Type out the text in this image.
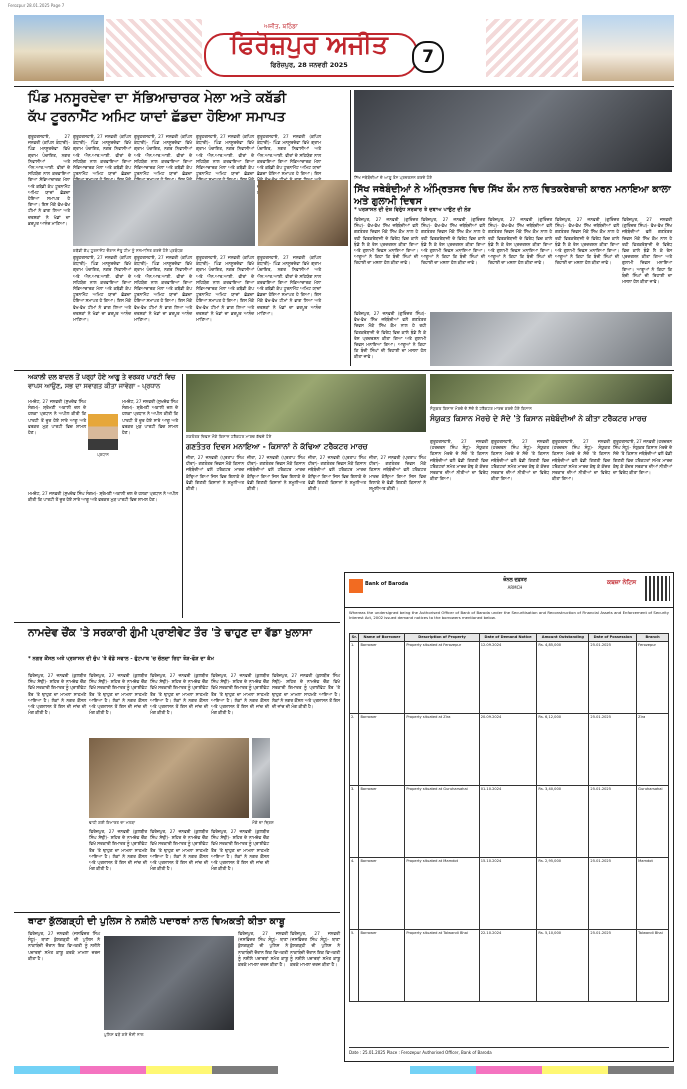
Ferozpur 28.01.2025 Page 7
ਅਜੀਤ, ਬਠਿੰਡਾ
ਫਿਰੋਜ਼ਪੁਰ ਅਜੀਤ
ਫਿਰੋਜ਼ਪੁਰ, 28 ਜਨਵਰੀ 2025	7
ਪਿੰਡ ਮਨਸੂਰਦੇਵਾ ਦਾ ਸੱਭਿਆਚਾਰਕ ਮੇਲਾ ਅਤੇ ਕਬੱਡੀ
ਕੱਪ ਟੂਰਨਾਮੈਂਟ ਅਮਿਟ ਯਾਦਾਂ ਛੱਡਦਾ ਹੋਇਆ ਸਮਾਪਤ

ਗੁਰੂਹਰਸਹਾਏ, 27 ਜਨਵਰੀ (ਕਪਿਲ ਕੰਧਾਰੀ)- ਪਿੰਡ ਮਨਸੂਰਦੇਵਾ ਵਿਖੇ ਗ੍ਰਾਮ ਪੰਚਾਇਤ, ਨਗਰ ਨਿਵਾਸੀਆਂ ਅਤੇ ਐਨ.ਆਰ.ਆਈ. ਵੀਰਾਂ ਦੇ ਸਹਿਯੋਗ ਨਾਲ ਕਰਵਾਇਆ ਗਿਆ ਸੱਭਿਆਚਾਰਕ ਮੇਲਾ ਅਤੇ ਕਬੱਡੀ ਕੱਪ ਟੂਰਨਾਮੈਂਟ ਅਮਿਟ ਯਾਦਾਂ ਛੱਡਦਾ ਹੋਇਆ ਸਮਾਪਤ ਹੋ ਗਿਆ। ਇਸ ਮੌਕੇ ਵੱਖ-ਵੱਖ ਟੀਮਾਂ ਨੇ ਭਾਗ ਲਿਆ ਅਤੇ ਦਰਸ਼ਕਾਂ ਨੇ ਖੇਡਾਂ ਦਾ ਭਰਪੂਰ ਆਨੰਦ ਮਾਣਿਆ।

ਗੁਰੂਹਰਸਹਾਏ, 27 ਜਨਵਰੀ (ਕਪਿਲ ਕੰਧਾਰੀ)- ਪਿੰਡ ਮਨਸੂਰਦੇਵਾ ਵਿਖੇ ਗ੍ਰਾਮ ਪੰਚਾਇਤ, ਨਗਰ ਨਿਵਾਸੀਆਂ ਅਤੇ ਐਨ.ਆਰ.ਆਈ. ਵੀਰਾਂ ਦੇ ਸਹਿਯੋਗ ਨਾਲ ਕਰਵਾਇਆ ਗਿਆ ਸੱਭਿਆਚਾਰਕ ਮੇਲਾ ਅਤੇ ਕਬੱਡੀ ਕੱਪ ਟੂਰਨਾਮੈਂਟ ਅਮਿਟ ਯਾਦਾਂ ਛੱਡਦਾ

ਗੁਰੂਹਰਸਹਾਏ, 27 ਜਨਵਰੀ (ਕਪਿਲ ਕੰਧਾਰੀ)- ਪਿੰਡ ਮਨਸੂਰਦੇਵਾ ਵਿਖੇ ਗ੍ਰਾਮ ਪੰਚਾਇਤ, ਨਗਰ ਨਿਵਾਸੀਆਂ ਅਤੇ ਐਨ.ਆਰ.ਆਈ. ਵੀਰਾਂ ਦੇ ਸਹਿਯੋਗ ਨਾਲ ਕਰਵਾਇਆ ਗਿਆ ਸੱਭਿਆਚਾਰਕ ਮੇਲਾ ਅਤੇ ਕਬੱਡੀ ਕੱਪ ਟੂਰਨਾਮੈਂਟ ਅਮਿਟ ਯਾਦਾਂ ਛੱਡਦਾ

ਗੁਰੂਹਰਸਹਾਏ, 27 ਜਨਵਰੀ (ਕਪਿਲ ਕੰਧਾਰੀ)- ਪਿੰਡ ਮਨਸੂਰਦੇਵਾ ਵਿਖੇ ਗ੍ਰਾਮ ਪੰਚਾਇਤ, ਨਗਰ ਨਿਵਾਸੀਆਂ ਅਤੇ ਐਨ.ਆਰ.ਆਈ. ਵੀਰਾਂ ਦੇ ਸਹਿਯੋਗ ਨਾਲ ਕਰਵਾਇਆ ਗਿਆ ਸੱਭਿਆਚਾਰਕ ਮੇਲਾ ਅਤੇ ਕਬੱਡੀ ਕੱਪ ਟੂਰਨਾਮੈਂਟ ਅਮਿਟ ਯਾਦਾਂ ਛੱਡਦਾ

ਗੁਰੂਹਰਸਹਾਏ, 27 ਜਨਵਰੀ (ਕਪਿਲ ਕੰਧਾਰੀ)- ਪਿੰਡ ਮਨਸੂਰਦੇਵਾ ਵਿਖੇ ਗ੍ਰਾਮ ਪੰਚਾਇਤ, ਨਗਰ ਨਿਵਾਸੀਆਂ ਅਤੇ ਐਨ.ਆਰ.ਆਈ. ਵੀਰਾਂ ਦੇ ਸਹਿਯੋਗ ਨਾਲ ਕਰਵਾਇਆ ਗਿਆ ਸੱਭਿਆਚਾਰਕ ਮੇਲਾ ਅਤੇ ਕਬੱਡੀ ਕੱਪ ਟੂਰਨਾਮੈਂਟ ਅਮਿਟ ਯਾਦਾਂ ਛੱਡਦਾ ਹੋਇਆ ਸਮਾਪਤ ਹੋ ਗਿਆ। ਇਸ

ਕਬੱਡੀ ਕੱਪ ਟੂਰਨਾਮੈਂਟ ਦੌਰਾਨ ਜੇਤੂ ਟੀਮ ਨੂੰ ਸਨਮਾਨਿਤ ਕਰਦੇ ਹੋਏ ਪ੍ਰਬੰਧਕ

ਗੁਰੂਹਰਸਹਾਏ, 27 ਜਨਵਰੀ (ਕਪਿਲ ਕੰਧਾਰੀ)- ਪਿੰਡ ਮਨਸੂਰਦੇਵਾ ਵਿਖੇ ਗ੍ਰਾਮ ਪੰਚਾਇਤ, ਨਗਰ ਨਿਵਾਸੀਆਂ ਅਤੇ ਐਨ.ਆਰ.ਆਈ. ਵੀਰਾਂ ਦੇ ਸਹਿਯੋਗ ਨਾਲ ਕਰਵਾਇਆ ਗਿਆ ਸੱਭਿਆਚਾਰਕ ਮੇਲਾ ਅਤੇ ਕਬੱਡੀ ਕੱਪ ਟੂਰਨਾਮੈਂਟ ਅਮਿਟ ਯਾਦਾਂ ਛੱਡਦਾ ਹੋਇਆ ਸਮਾਪਤ ਹੋ ਗਿਆ। ਇਸ ਮੌਕੇ ਵੱਖ-ਵੱਖ ਟੀਮਾਂ ਨੇ ਭਾਗ ਲਿਆ ਅਤੇ ਦਰਸ਼ਕਾਂ ਨੇ ਖੇਡਾਂ ਦਾ ਭਰਪੂਰ ਆਨੰਦ ਮਾਣਿਆ।

ਗੁਰੂਹਰਸਹਾਏ, 27 ਜਨਵਰੀ (ਕਪਿਲ ਕੰਧਾਰੀ)- ਪਿੰਡ ਮਨਸੂਰਦੇਵਾ ਵਿਖੇ ਗ੍ਰਾਮ ਪੰਚਾਇਤ, ਨਗਰ ਨਿਵਾਸੀਆਂ ਅਤੇ ਐਨ.ਆਰ.ਆਈ. ਵੀਰਾਂ ਦੇ ਸਹਿਯੋਗ ਨਾਲ ਕਰਵਾਇਆ ਗਿਆ ਸੱਭਿਆਚਾਰਕ ਮੇਲਾ ਅਤੇ ਕਬੱਡੀ ਕੱਪ ਟੂਰਨਾਮੈਂਟ ਅਮਿਟ ਯਾਦਾਂ ਛੱਡਦਾ ਹੋਇਆ ਸਮਾਪਤ ਹੋ ਗਿਆ। ਇਸ ਮੌਕੇ ਵੱਖ-ਵੱਖ ਟੀਮਾਂ ਨੇ ਭਾਗ ਲਿਆ ਅਤੇ ਦਰਸ਼ਕਾਂ ਨੇ ਖੇਡਾਂ ਦਾ ਭਰਪੂਰ ਆਨੰਦ ਮਾਣਿਆ।

ਗੁਰੂਹਰਸਹਾਏ, 27 ਜਨਵਰੀ (ਕਪਿਲ ਕੰਧਾਰੀ)- ਪਿੰਡ ਮਨਸੂਰਦੇਵਾ ਵਿਖੇ ਗ੍ਰਾਮ ਪੰਚਾਇਤ, ਨਗਰ ਨਿਵਾਸੀਆਂ ਅਤੇ ਐਨ.ਆਰ.ਆਈ. ਵੀਰਾਂ ਦੇ ਸਹਿਯੋਗ ਨਾਲ ਕਰਵਾਇਆ ਗਿਆ ਸੱਭਿਆਚਾਰਕ ਮੇਲਾ ਅਤੇ ਕਬੱਡੀ ਕੱਪ ਟੂਰਨਾਮੈਂਟ ਅਮਿਟ ਯਾਦਾਂ ਛੱਡਦਾ ਹੋਇਆ ਸਮਾਪਤ ਹੋ ਗਿਆ। ਇਸ ਮੌਕੇ ਵੱਖ-ਵੱਖ ਟੀਮਾਂ ਨੇ ਭਾਗ ਲਿਆ ਅਤੇ ਦਰਸ਼ਕਾਂ ਨੇ ਖੇਡਾਂ ਦਾ ਭਰਪੂਰ ਆਨੰਦ ਮਾਣਿਆ।

ਗੁਰੂਹਰਸਹਾਏ, 27 ਜਨਵਰੀ (ਕਪਿਲ ਕੰਧਾਰੀ)- ਪਿੰਡ ਮਨਸੂਰਦੇਵਾ ਵਿਖੇ ਗ੍ਰਾਮ ਪੰਚਾਇਤ, ਨਗਰ ਨਿਵਾਸੀਆਂ ਅਤੇ ਐਨ.ਆਰ.ਆਈ. ਵੀਰਾਂ ਦੇ ਸਹਿਯੋਗ ਨਾਲ ਕਰਵਾਇਆ ਗਿਆ ਸੱਭਿਆਚਾਰਕ ਮੇਲਾ ਅਤੇ ਕਬੱਡੀ ਕੱਪ ਟੂਰਨਾਮੈਂਟ ਅਮਿਟ ਯਾਦਾਂ ਛੱਡਦਾ ਹੋਇਆ ਸਮਾਪਤ ਹੋ ਗਿਆ। ਇਸ ਮੌਕੇ ਵੱਖ-ਵੱਖ ਟੀਮਾਂ ਨੇ ਭਾਗ ਲਿਆ ਅਤੇ ਦਰਸ਼ਕਾਂ ਨੇ ਖੇਡਾਂ ਦਾ ਭਰਪੂਰ ਆਨੰਦ ਮਾਣਿਆ।

ਸਿੱਖ ਜਥੇਬੰਦੀਆਂ ਦੇ ਆਗੂ ਰੋਸ ਪ੍ਰਦਰਸ਼ਨ ਕਰਦੇ ਹੋਏ
ਸਿੱਖ ਜਥੇਬੰਦੀਆਂ ਨੇ ਅੰਮ੍ਰਿਤਸਰ ਵਿਚ ਸਿੱਖ ਕੌਮ ਨਾਲ ਵਿਤਕਰੇਬਾਜ਼ੀ ਕਾਰਨ ਮਨਾਇਆ ਕਾਲਾ ਅਤੇ ਗੁਲਾਮੀ ਦਿਵਸ
* ਪਰਸ਼ਾਸਨ ਦੀ ਦੋਸ਼ ਵਿਰੁੱਧ ਸਰਕਾਰ ਤੇ ਦਬਾਅ ਪਾਉਣ ਦੀ ਲੋੜ

ਫਿਰੋਜ਼ਪੁਰ, 27 ਜਨਵਰੀ (ਗੁਰਿੰਦਰ ਸਿੰਘ)- ਵੱਖ-ਵੱਖ ਸਿੱਖ ਜਥੇਬੰਦੀਆਂ ਵਲੋਂ ਗਣਤੰਤਰ ਦਿਵਸ ਮੌਕੇ ਸਿੱਖ ਕੌਮ ਨਾਲ ਹੋ ਰਹੀ ਵਿਤਕਰੇਬਾਜ਼ੀ ਦੇ ਵਿਰੋਧ ਵਿਚ ਕਾਲੇ ਝੰਡੇ ਲੈ ਕੇ ਰੋਸ ਪ੍ਰਦਰਸ਼ਨ ਕੀਤਾ ਗਿਆ ਅਤੇ ਗੁਲਾਮੀ ਦਿਵਸ ਮਨਾਇਆ ਗਿਆ। ਆਗੂਆਂ ਨੇ ਕਿਹਾ ਕਿ ਬੰਦੀ ਸਿੰਘਾਂ ਦੀ ਰਿਹਾਈ ਦਾ ਮਸਲਾ ਹੱਲ ਕੀਤਾ ਜਾਵੇ।

ਫਿਰੋਜ਼ਪੁਰ, 27 ਜਨਵਰੀ (ਗੁਰਿੰਦਰ ਸਿੰਘ)- ਵੱਖ-ਵੱਖ ਸਿੱਖ ਜਥੇਬੰਦੀਆਂ ਵਲੋਂ ਗਣਤੰਤਰ ਦਿਵਸ ਮੌਕੇ ਸਿੱਖ ਕੌਮ ਨਾਲ ਹੋ ਰਹੀ ਵਿਤਕਰੇਬਾਜ਼ੀ ਦੇ ਵਿਰੋਧ ਵਿਚ ਕਾਲੇ ਝੰਡੇ ਲੈ ਕੇ ਰੋਸ ਪ੍ਰਦਰਸ਼ਨ ਕੀਤਾ ਗਿਆ ਅਤੇ ਗੁਲਾਮੀ ਦਿਵਸ ਮਨਾਇਆ ਗਿਆ। ਆਗੂਆਂ ਨੇ ਕਿਹਾ ਕਿ ਬੰਦੀ ਸਿੰਘਾਂ ਦੀ ਰਿਹਾਈ ਦਾ ਮਸਲਾ ਹੱਲ ਕੀਤਾ ਜਾਵੇ।

ਫਿਰੋਜ਼ਪੁਰ, 27 ਜਨਵਰੀ (ਗੁਰਿੰਦਰ ਸਿੰਘ)- ਵੱਖ-ਵੱਖ ਸਿੱਖ ਜਥੇਬੰਦੀਆਂ ਵਲੋਂ ਗਣਤੰਤਰ ਦਿਵਸ ਮੌਕੇ ਸਿੱਖ ਕੌਮ ਨਾਲ ਹੋ ਰਹੀ ਵਿਤਕਰੇਬਾਜ਼ੀ ਦੇ ਵਿਰੋਧ ਵਿਚ ਕਾਲੇ ਝੰਡੇ ਲੈ ਕੇ ਰੋਸ ਪ੍ਰਦਰਸ਼ਨ ਕੀਤਾ ਗਿਆ ਅਤੇ ਗੁਲਾਮੀ ਦਿਵਸ ਮਨਾਇਆ ਗਿਆ। ਆਗੂਆਂ ਨੇ ਕਿਹਾ ਕਿ ਬੰਦੀ ਸਿੰਘਾਂ ਦੀ ਰਿਹਾਈ ਦਾ ਮਸਲਾ ਹੱਲ ਕੀਤਾ ਜਾਵੇ।

ਫਿਰੋਜ਼ਪੁਰ, 27 ਜਨਵਰੀ (ਗੁਰਿੰਦਰ ਸਿੰਘ)- ਵੱਖ-ਵੱਖ ਸਿੱਖ ਜਥੇਬੰਦੀਆਂ ਵਲੋਂ ਗਣਤੰਤਰ ਦਿਵਸ ਮੌਕੇ ਸਿੱਖ ਕੌਮ ਨਾਲ ਹੋ ਰਹੀ ਵਿਤਕਰੇਬਾਜ਼ੀ ਦੇ ਵਿਰੋਧ ਵਿਚ ਕਾਲੇ ਝੰਡੇ ਲੈ ਕੇ ਰੋਸ ਪ੍ਰਦਰਸ਼ਨ ਕੀਤਾ ਗਿਆ ਅਤੇ ਗੁਲਾਮੀ ਦਿਵਸ ਮਨਾਇਆ ਗਿਆ। ਆਗੂਆਂ ਨੇ ਕਿਹਾ ਕਿ ਬੰਦੀ ਸਿੰਘਾਂ ਦੀ ਰਿਹਾਈ ਦਾ ਮਸਲਾ ਹੱਲ ਕੀਤਾ ਜਾਵੇ।

ਫਿਰੋਜ਼ਪੁਰ, 27 ਜਨਵਰੀ (ਗੁਰਿੰਦਰ ਸਿੰਘ)- ਵੱਖ-ਵੱਖ ਸਿੱਖ ਜਥੇਬੰਦੀਆਂ ਵਲੋਂ ਗਣਤੰਤਰ ਦਿਵਸ ਮੌਕੇ ਸਿੱਖ ਕੌਮ ਨਾਲ ਹੋ ਰਹੀ ਵਿਤਕਰੇਬਾਜ਼ੀ ਦੇ ਵਿਰੋਧ ਵਿਚ ਕਾਲੇ ਝੰਡੇ ਲੈ ਕੇ ਰੋਸ ਪ੍ਰਦਰਸ਼ਨ ਕੀਤਾ ਗਿਆ ਅਤੇ ਗੁਲਾਮੀ ਦਿਵਸ ਮਨਾਇਆ ਗਿਆ। ਆਗੂਆਂ ਨੇ ਕਿਹਾ ਕਿ ਬੰਦੀ ਸਿੰਘਾਂ ਦੀ ਰਿਹਾਈ ਦਾ ਮਸਲਾ ਹੱਲ ਕੀਤਾ ਜਾਵੇ।

ਫਿਰੋਜ਼ਪੁਰ, 27 ਜਨਵਰੀ (ਗੁਰਿੰਦਰ ਸਿੰਘ)- ਵੱਖ-ਵੱਖ ਸਿੱਖ ਜਥੇਬੰਦੀਆਂ ਵਲੋਂ ਗਣਤੰਤਰ ਦਿਵਸ ਮੌਕੇ ਸਿੱਖ ਕੌਮ ਨਾਲ ਹੋ ਰਹੀ ਵਿਤਕਰੇਬਾਜ਼ੀ ਦੇ ਵਿਰੋਧ ਵਿਚ ਕਾਲੇ ਝੰਡੇ ਲੈ ਕੇ ਰੋਸ ਪ੍ਰਦਰਸ਼ਨ ਕੀਤਾ ਗਿਆ ਅਤੇ ਗੁਲਾਮੀ ਦਿਵਸ ਮਨਾਇਆ ਗਿਆ। ਆਗੂਆਂ ਨੇ ਕਿਹਾ ਕਿ ਬੰਦੀ ਸਿੰਘਾਂ ਦੀ ਰਿਹਾਈ ਦਾ ਮਸਲਾ ਹੱਲ ਕੀਤਾ ਜਾਵੇ।

ਅਕਾਲੀ ਦਲ ਬਾਦਲ ਤੋਂ ਪਰ੍ਹਾਂ ਹੋਏ ਆਗੂ ਤੇ ਵਰਕਰ ਪਾਰਟੀ ਵਿਚ
ਵਾਪਸ ਆਉਣ, ਸਭ ਦਾ ਸਵਾਗਤ ਕੀਤਾ ਜਾਵੇਗਾ - ਪ੍ਰਧਾਨ

ਮਮਦੋਟ, 27 ਜਨਵਰੀ (ਸੁਖਦੇਵ ਸਿੰਘ ਸੰਗਮ)- ਸ਼੍ਰੋਮਣੀ ਅਕਾਲੀ ਦਲ ਦੇ ਹਲਕਾ ਪ੍ਰਧਾਨ ਨੇ ਅਪੀਲ ਕੀਤੀ ਕਿ ਪਾਰਟੀ ਤੋਂ ਦੂਰ ਹੋਏ ਸਾਰੇ ਆਗੂ ਅਤੇ ਵਰਕਰ ਮੁੜ ਪਾਰਟੀ ਵਿਚ ਸ਼ਾਮਲ ਹੋਣ।

ਪ੍ਰਧਾਨ

ਮਮਦੋਟ, 27 ਜਨਵਰੀ (ਸੁਖਦੇਵ ਸਿੰਘ ਸੰਗਮ)- ਸ਼੍ਰੋਮਣੀ ਅਕਾਲੀ ਦਲ ਦੇ ਹਲਕਾ ਪ੍ਰਧਾਨ ਨੇ ਅਪੀਲ ਕੀਤੀ ਕਿ ਪਾਰਟੀ ਤੋਂ ਦੂਰ ਹੋਏ ਸਾਰੇ ਆਗੂ ਅਤੇ ਵਰਕਰ ਮੁੜ ਪਾਰਟੀ ਵਿਚ ਸ਼ਾਮਲ ਹੋਣ।

ਮਮਦੋਟ, 27 ਜਨਵਰੀ (ਸੁਖਦੇਵ ਸਿੰਘ ਸੰਗਮ)- ਸ਼੍ਰੋਮਣੀ ਅਕਾਲੀ ਦਲ ਦੇ ਹਲਕਾ ਪ੍ਰਧਾਨ ਨੇ ਅਪੀਲ ਕੀਤੀ ਕਿ ਪਾਰਟੀ ਤੋਂ ਦੂਰ ਹੋਏ ਸਾਰੇ ਆਗੂ ਅਤੇ ਵਰਕਰ ਮੁੜ ਪਾਰਟੀ ਵਿਚ ਸ਼ਾਮਲ ਹੋਣ।

ਗਣਤੰਤਰ ਦਿਵਸ ਮੌਕੇ ਕਿਸਾਨ ਟਰੈਕਟਰ ਮਾਰਚ ਕੱਢਦੇ ਹੋਏ
ਗਣਤੰਤਰ ਦਿਵਸ ਮਨਾਇਆ - ਕਿਸਾਨਾਂ ਨੇ ਕੱਢਿਆ ਟਰੈਕਟਰ ਮਾਰਚ

ਜ਼ੀਰਾ, 27 ਜਨਵਰੀ (ਪ੍ਰਤਾਪ ਸਿੰਘ ਹੀਰਾ)- ਗਣਤੰਤਰ ਦਿਵਸ ਮੌਕੇ ਕਿਸਾਨ ਜਥੇਬੰਦੀਆਂ ਵਲੋਂ ਟਰੈਕਟਰ ਮਾਰਚ ਕੱਢਿਆ ਗਿਆ ਜਿਸ ਵਿਚ ਇਲਾਕੇ ਦੇ ਵੱਡੀ ਗਿਣਤੀ ਕਿਸਾਨਾਂ ਨੇ ਸ਼ਮੂਲੀਅਤ ਕੀਤੀ।

ਜ਼ੀਰਾ, 27 ਜਨਵਰੀ (ਪ੍ਰਤਾਪ ਸਿੰਘ ਹੀਰਾ)- ਗਣਤੰਤਰ ਦਿਵਸ ਮੌਕੇ ਕਿਸਾਨ ਜਥੇਬੰਦੀਆਂ ਵਲੋਂ ਟਰੈਕਟਰ ਮਾਰਚ ਕੱਢਿਆ ਗਿਆ ਜਿਸ ਵਿਚ ਇਲਾਕੇ ਦੇ ਵੱਡੀ ਗਿਣਤੀ ਕਿਸਾਨਾਂ ਨੇ ਸ਼ਮੂਲੀਅਤ ਕੀਤੀ।

ਜ਼ੀਰਾ, 27 ਜਨਵਰੀ (ਪ੍ਰਤਾਪ ਸਿੰਘ ਹੀਰਾ)- ਗਣਤੰਤਰ ਦਿਵਸ ਮੌਕੇ ਕਿਸਾਨ ਜਥੇਬੰਦੀਆਂ ਵਲੋਂ ਟਰੈਕਟਰ ਮਾਰਚ ਕੱਢਿਆ ਗਿਆ ਜਿਸ ਵਿਚ ਇਲਾਕੇ ਦੇ ਵੱਡੀ ਗਿਣਤੀ ਕਿਸਾਨਾਂ ਨੇ ਸ਼ਮੂਲੀਅਤ ਕੀਤੀ।

ਜ਼ੀਰਾ, 27 ਜਨਵਰੀ (ਪ੍ਰਤਾਪ ਸਿੰਘ ਹੀਰਾ)- ਗਣਤੰਤਰ ਦਿਵਸ ਮੌਕੇ ਕਿਸਾਨ ਜਥੇਬੰਦੀਆਂ ਵਲੋਂ ਟਰੈਕਟਰ ਮਾਰਚ ਕੱਢਿਆ ਗਿਆ ਜਿਸ ਵਿਚ ਇਲਾਕੇ ਦੇ ਵੱਡੀ ਗਿਣਤੀ ਕਿਸਾਨਾਂ ਨੇ ਸ਼ਮੂਲੀਅਤ ਕੀਤੀ।

ਸੰਯੁਕਤ ਕਿਸਾਨ ਮੋਰਚੇ ਦੇ ਸੱਦੇ ਤੇ ਟਰੈਕਟਰ ਮਾਰਚ ਕਰਦੇ ਹੋਏ ਕਿਸਾਨ
ਸੰਯੁਕਤ ਕਿਸਾਨ ਮੋਰਚੇ ਦੇ ਸੱਦੇ 'ਤੇ ਕਿਸਾਨ ਜਥੇਬੰਦੀਆਂ ਨੇ ਕੀਤਾ ਟਰੈਕਟਰ ਮਾਰਚ

ਗੁਰੂਹਰਸਹਾਏ, 27 ਜਨਵਰੀ (ਹਰਚਰਨ ਸਿੰਘ ਸੰਧੂ)- ਸੰਯੁਕਤ ਕਿਸਾਨ ਮੋਰਚੇ ਦੇ ਸੱਦੇ 'ਤੇ ਕਿਸਾਨ ਜਥੇਬੰਦੀਆਂ ਵਲੋਂ ਵੱਡੀ ਗਿਣਤੀ ਵਿਚ ਟਰੈਕਟਰਾਂ ਸਮੇਤ ਮਾਰਚ ਕੱਢ ਕੇ ਕੇਂਦਰ ਸਰਕਾਰ ਦੀਆਂ ਨੀਤੀਆਂ ਦਾ ਵਿਰੋਧ ਕੀਤਾ ਗਿਆ।

ਗੁਰੂਹਰਸਹਾਏ, 27 ਜਨਵਰੀ (ਹਰਚਰਨ ਸਿੰਘ ਸੰਧੂ)- ਸੰਯੁਕਤ ਕਿਸਾਨ ਮੋਰਚੇ ਦੇ ਸੱਦੇ 'ਤੇ ਕਿਸਾਨ ਜਥੇਬੰਦੀਆਂ ਵਲੋਂ ਵੱਡੀ ਗਿਣਤੀ ਵਿਚ ਟਰੈਕਟਰਾਂ ਸਮੇਤ ਮਾਰਚ ਕੱਢ ਕੇ ਕੇਂਦਰ ਸਰਕਾਰ ਦੀਆਂ ਨੀਤੀਆਂ ਦਾ ਵਿਰੋਧ ਕੀਤਾ ਗਿਆ।

ਗੁਰੂਹਰਸਹਾਏ, 27 ਜਨਵਰੀ (ਹਰਚਰਨ ਸਿੰਘ ਸੰਧੂ)- ਸੰਯੁਕਤ ਕਿਸਾਨ ਮੋਰਚੇ ਦੇ ਸੱਦੇ 'ਤੇ ਕਿਸਾਨ ਜਥੇਬੰਦੀਆਂ ਵਲੋਂ ਵੱਡੀ ਗਿਣਤੀ ਵਿਚ ਟਰੈਕਟਰਾਂ ਸਮੇਤ ਮਾਰਚ ਕੱਢ ਕੇ ਕੇਂਦਰ ਸਰਕਾਰ ਦੀਆਂ ਨੀਤੀਆਂ ਦਾ ਵਿਰੋਧ ਕੀਤਾ ਗਿਆ।

ਗੁਰੂਹਰਸਹਾਏ, 27 ਜਨਵਰੀ (ਹਰਚਰਨ ਸਿੰਘ ਸੰਧੂ)- ਸੰਯੁਕਤ ਕਿਸਾਨ ਮੋਰਚੇ ਦੇ ਸੱਦੇ 'ਤੇ ਕਿਸਾਨ ਜਥੇਬੰਦੀਆਂ ਵਲੋਂ ਵੱਡੀ ਗਿਣਤੀ ਵਿਚ ਟਰੈਕਟਰਾਂ ਸਮੇਤ ਮਾਰਚ ਕੱਢ ਕੇ ਕੇਂਦਰ ਸਰਕਾਰ ਦੀਆਂ ਨੀਤੀਆਂ ਦਾ ਵਿਰੋਧ ਕੀਤਾ ਗਿਆ।

Bank of Baroda
ਜ਼ੋਨਲ ਦਫ਼ਤਰ
ARMCH
ਕਬਜ਼ਾ ਨੋਟਿਸ
Whereas the undersigned being the Authorised Officer of Bank of Baroda under the Securitisation and Reconstruction of Financial Assets and Enforcement of Security Interest Act, 2002 issued demand notices to the borrowers mentioned below.
Sr.	Name of Borrower	Description of Property	Date of Demand Notice	Amount Outstanding	Date of Possession	Branch
1.	Borrower	Property situated at Ferozepur	12.09.2024	Rs. 4,85,000	25.01.2025	Ferozepur
2.	Borrower	Property situated at Zira	20.09.2024	Rs. 6,12,000	25.01.2025	Zira
3.	Borrower	Property situated at Guruharsahai	01.10.2024	Rs. 3,40,000	25.01.2025	Guruharsahai
4.	Borrower	Property situated at Mamdot	15.10.2024	Rs. 2,95,000	25.01.2025	Mamdot
5.	Borrower	Property situated at Talwandi Bhai	22.10.2024	Rs. 5,10,000	25.01.2025	Talwandi Bhai
Date : 25.01.2025 Place : Ferozepur Authorised Officer, Bank of Baroda
ਨਾਮਦੇਵ ਚੌਂਕ 'ਤੇ ਸਰਕਾਰੀ ਗੁੰਮੀ ਪ੍ਰਾਈਵੇਟ ਤੌਰ 'ਤੇ ਢਾਹੁਣ ਦਾ ਵੱਡਾ ਖੁਲਾਸਾ
* ਨਗਰ ਕੌਂਸਲ ਅਤੇ ਪ੍ਰਸ਼ਾਸਨ ਦੀ ਚੁੱਪ 'ਤੇ ਵੱਡੇ ਸਵਾਲ - ਫੁੱਟਪਾਥ 'ਚ ਚੱਲਦਾ ਰਿਹਾ ਤੋੜ-ਫੋੜ ਦਾ ਕੰਮ

ਫਿਰੋਜ਼ਪੁਰ, 27 ਜਨਵਰੀ (ਕੁਲਬੀਰ ਸਿੰਘ ਸੋਢੀ)- ਸ਼ਹਿਰ ਦੇ ਨਾਮਦੇਵ ਚੌਂਕ ਵਿਖੇ ਸਰਕਾਰੀ ਇਮਾਰਤ ਨੂੰ ਪ੍ਰਾਈਵੇਟ ਤੌਰ 'ਤੇ ਢਾਹੁਣ ਦਾ ਮਾਮਲਾ ਸਾਹਮਣੇ ਆਇਆ ਹੈ। ਲੋਕਾਂ ਨੇ ਨਗਰ ਕੌਂਸਲ ਅਤੇ ਪ੍ਰਸ਼ਾਸਨ ਤੋਂ ਇਸ ਦੀ ਜਾਂਚ ਦੀ ਮੰਗ ਕੀਤੀ ਹੈ।

ਫਿਰੋਜ਼ਪੁਰ, 27 ਜਨਵਰੀ (ਕੁਲਬੀਰ ਸਿੰਘ ਸੋਢੀ)- ਸ਼ਹਿਰ ਦੇ ਨਾਮਦੇਵ ਚੌਂਕ ਵਿਖੇ ਸਰਕਾਰੀ ਇਮਾਰਤ ਨੂੰ ਪ੍ਰਾਈਵੇਟ ਤੌਰ 'ਤੇ ਢਾਹੁਣ ਦਾ ਮਾਮਲਾ ਸਾਹਮਣੇ ਆਇਆ ਹੈ। ਲੋਕਾਂ ਨੇ ਨਗਰ ਕੌਂਸਲ ਅਤੇ ਪ੍ਰਸ਼ਾਸਨ ਤੋਂ ਇਸ ਦੀ ਜਾਂਚ ਦੀ ਮੰਗ ਕੀਤੀ ਹੈ।

ਫਿਰੋਜ਼ਪੁਰ, 27 ਜਨਵਰੀ (ਕੁਲਬੀਰ ਸਿੰਘ ਸੋਢੀ)- ਸ਼ਹਿਰ ਦੇ ਨਾਮਦੇਵ ਚੌਂਕ ਵਿਖੇ ਸਰਕਾਰੀ ਇਮਾਰਤ ਨੂੰ ਪ੍ਰਾਈਵੇਟ ਤੌਰ 'ਤੇ ਢਾਹੁਣ ਦਾ ਮਾਮਲਾ ਸਾਹਮਣੇ ਆਇਆ ਹੈ। ਲੋਕਾਂ ਨੇ ਨਗਰ ਕੌਂਸਲ ਅਤੇ ਪ੍ਰਸ਼ਾਸਨ ਤੋਂ ਇਸ ਦੀ ਜਾਂਚ ਦੀ ਮੰਗ ਕੀਤੀ ਹੈ।

ਫਿਰੋਜ਼ਪੁਰ, 27 ਜਨਵਰੀ (ਕੁਲਬੀਰ ਸਿੰਘ ਸੋਢੀ)- ਸ਼ਹਿਰ ਦੇ ਨਾਮਦੇਵ ਚੌਂਕ ਵਿਖੇ ਸਰਕਾਰੀ ਇਮਾਰਤ ਨੂੰ ਪ੍ਰਾਈਵੇਟ ਤੌਰ 'ਤੇ ਢਾਹੁਣ ਦਾ ਮਾਮਲਾ ਸਾਹਮਣੇ ਆਇਆ ਹੈ। ਲੋਕਾਂ ਨੇ ਨਗਰ ਕੌਂਸਲ ਅਤੇ ਪ੍ਰਸ਼ਾਸਨ ਤੋਂ ਇਸ ਦੀ ਜਾਂਚ ਦੀ ਮੰਗ ਕੀਤੀ ਹੈ।

ਫਿਰੋਜ਼ਪੁਰ, 27 ਜਨਵਰੀ (ਕੁਲਬੀਰ ਸਿੰਘ ਸੋਢੀ)- ਸ਼ਹਿਰ ਦੇ ਨਾਮਦੇਵ ਚੌਂਕ ਵਿਖੇ ਸਰਕਾਰੀ ਇਮਾਰਤ ਨੂੰ ਪ੍ਰਾਈਵੇਟ ਤੌਰ 'ਤੇ ਢਾਹੁਣ ਦਾ ਮਾਮਲਾ ਸਾਹਮਣੇ ਆਇਆ ਹੈ। ਲੋਕਾਂ ਨੇ ਨਗਰ ਕੌਂਸਲ ਅਤੇ ਪ੍ਰਸ਼ਾਸਨ ਤੋਂ ਇਸ ਦੀ ਜਾਂਚ ਦੀ ਮੰਗ ਕੀਤੀ ਹੈ।

ਢਾਹੀ ਗਈ ਇਮਾਰਤ ਦਾ ਮਲਬਾ	ਮੌਕੇ ਦਾ ਦ੍ਰਿਸ਼

ਫਿਰੋਜ਼ਪੁਰ, 27 ਜਨਵਰੀ (ਕੁਲਬੀਰ ਸਿੰਘ ਸੋਢੀ)- ਸ਼ਹਿਰ ਦੇ ਨਾਮਦੇਵ ਚੌਂਕ ਵਿਖੇ ਸਰਕਾਰੀ ਇਮਾਰਤ ਨੂੰ ਪ੍ਰਾਈਵੇਟ ਤੌਰ 'ਤੇ ਢਾਹੁਣ ਦਾ ਮਾਮਲਾ ਸਾਹਮਣੇ ਆਇਆ ਹੈ। ਲੋਕਾਂ ਨੇ ਨਗਰ ਕੌਂਸਲ ਅਤੇ ਪ੍ਰਸ਼ਾਸਨ ਤੋਂ ਇਸ ਦੀ ਜਾਂਚ ਦੀ ਮੰਗ ਕੀਤੀ ਹੈ।

ਫਿਰੋਜ਼ਪੁਰ, 27 ਜਨਵਰੀ (ਕੁਲਬੀਰ ਸਿੰਘ ਸੋਢੀ)- ਸ਼ਹਿਰ ਦੇ ਨਾਮਦੇਵ ਚੌਂਕ ਵਿਖੇ ਸਰਕਾਰੀ ਇਮਾਰਤ ਨੂੰ ਪ੍ਰਾਈਵੇਟ ਤੌਰ 'ਤੇ ਢਾਹੁਣ ਦਾ ਮਾਮਲਾ ਸਾਹਮਣੇ ਆਇਆ ਹੈ। ਲੋਕਾਂ ਨੇ ਨਗਰ ਕੌਂਸਲ ਅਤੇ ਪ੍ਰਸ਼ਾਸਨ ਤੋਂ ਇਸ ਦੀ ਜਾਂਚ ਦੀ ਮੰਗ ਕੀਤੀ ਹੈ।

ਫਿਰੋਜ਼ਪੁਰ, 27 ਜਨਵਰੀ (ਕੁਲਬੀਰ ਸਿੰਘ ਸੋਢੀ)- ਸ਼ਹਿਰ ਦੇ ਨਾਮਦੇਵ ਚੌਂਕ ਵਿਖੇ ਸਰਕਾਰੀ ਇਮਾਰਤ ਨੂੰ ਪ੍ਰਾਈਵੇਟ ਤੌਰ 'ਤੇ ਢਾਹੁਣ ਦਾ ਮਾਮਲਾ ਸਾਹਮਣੇ ਆਇਆ ਹੈ। ਲੋਕਾਂ ਨੇ ਨਗਰ ਕੌਂਸਲ ਅਤੇ ਪ੍ਰਸ਼ਾਸਨ ਤੋਂ ਇਸ ਦੀ ਜਾਂਚ ਦੀ ਮੰਗ ਕੀਤੀ ਹੈ।

ਥਾਣਾ ਕੁੱਲਗੜ੍ਹੀ ਦੀ ਪੁਲਿਸ ਨੇ ਨਸ਼ੀਲੇ ਪਦਾਰਥਾਂ ਨਾਲ ਵਿਅਕਤੀ ਕੀਤਾ ਕਾਬੂ

ਫਿਰੋਜ਼ਪੁਰ, 27 ਜਨਵਰੀ (ਜਸਵਿੰਦਰ ਸਿੰਘ ਸੰਧੂ)- ਥਾਣਾ ਕੁੱਲਗੜ੍ਹੀ ਦੀ ਪੁਲਿਸ ਨੇ ਨਾਕਾਬੰਦੀ ਦੌਰਾਨ ਇਕ ਵਿਅਕਤੀ ਨੂੰ ਨਸ਼ੀਲੇ ਪਦਾਰਥਾਂ ਸਮੇਤ ਕਾਬੂ ਕਰਕੇ ਮਾਮਲਾ ਦਰਜ ਕੀਤਾ ਹੈ।

ਪੁਲਿਸ ਫੜੇ ਗਏ ਦੋਸ਼ੀ ਨਾਲ

ਫਿਰੋਜ਼ਪੁਰ, 27 ਜਨਵਰੀ (ਜਸਵਿੰਦਰ ਸਿੰਘ ਸੰਧੂ)- ਥਾਣਾ ਕੁੱਲਗੜ੍ਹੀ ਦੀ ਪੁਲਿਸ ਨੇ ਨਾਕਾਬੰਦੀ ਦੌਰਾਨ ਇਕ ਵਿਅਕਤੀ ਨੂੰ ਨਸ਼ੀਲੇ ਪਦਾਰਥਾਂ ਸਮੇਤ ਕਾਬੂ ਕਰਕੇ ਮਾਮਲਾ ਦਰਜ ਕੀਤਾ ਹੈ।

ਫਿਰੋਜ਼ਪੁਰ, 27 ਜਨਵਰੀ (ਜਸਵਿੰਦਰ ਸਿੰਘ ਸੰਧੂ)- ਥਾਣਾ ਕੁੱਲਗੜ੍ਹੀ ਦੀ ਪੁਲਿਸ ਨੇ ਨਾਕਾਬੰਦੀ ਦੌਰਾਨ ਇਕ ਵਿਅਕਤੀ ਨੂੰ ਨਸ਼ੀਲੇ ਪਦਾਰਥਾਂ ਸਮੇਤ ਕਾਬੂ ਕਰਕੇ ਮਾਮਲਾ ਦਰਜ ਕੀਤਾ ਹੈ।
